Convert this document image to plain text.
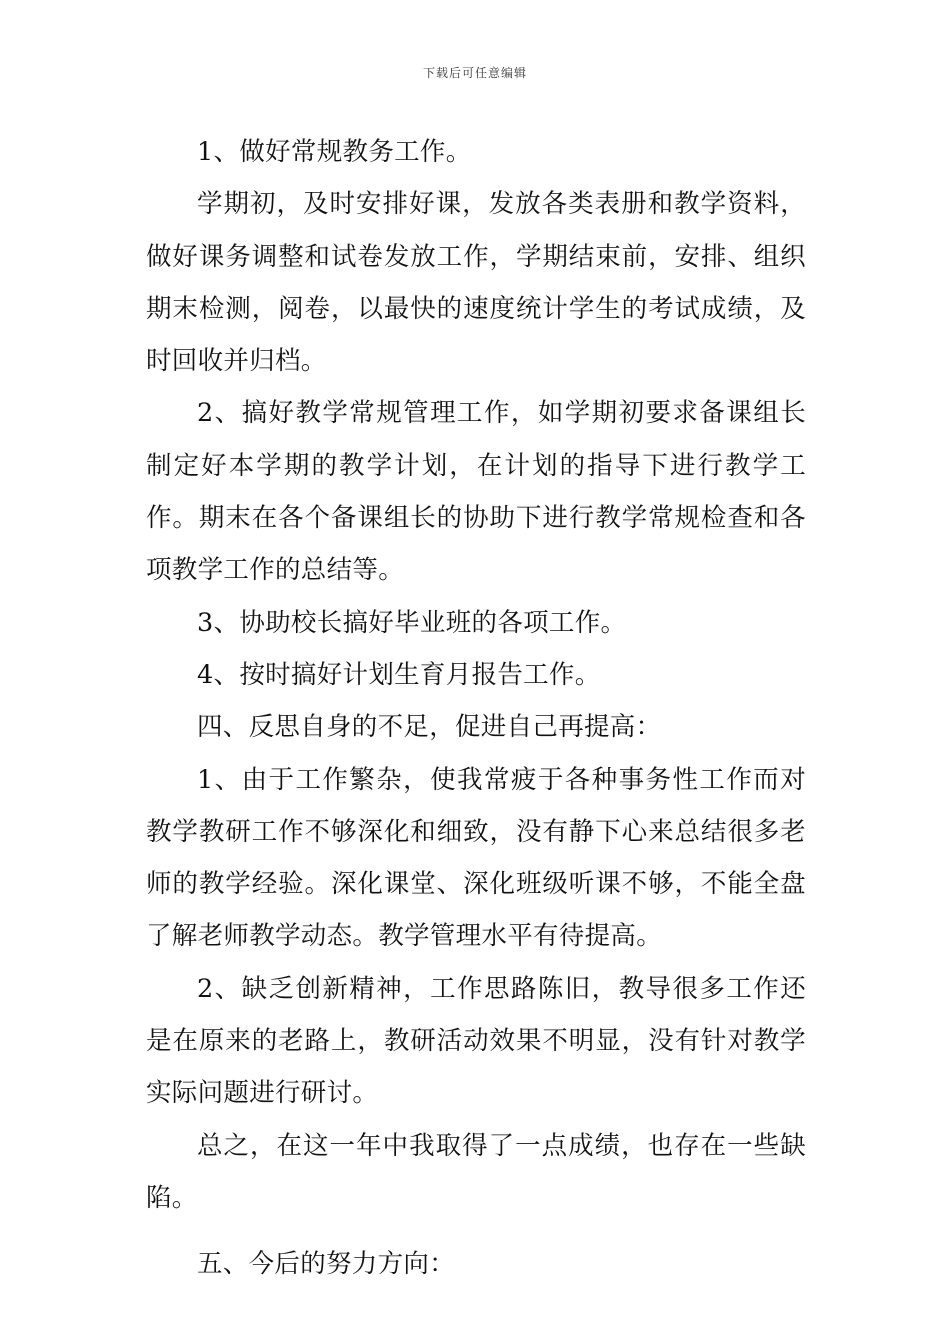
下载后可任意编辑

1、做好常规教务工作。

学期初，及时安排好课，发放各类表册和教学资料，做好课务调整和试卷发放工作，学期结束前，安排、组织期末检测，阅卷，以最快的速度统计学生的考试成绩，及时回收并归档。

2、搞好教学常规管理工作，如学期初要求备课组长制定好本学期的教学计划，在计划的指导下进行教学工作。期末在各个备课组长的协助下进行教学常规检查和各项教学工作的总结等。

3、协助校长搞好毕业班的各项工作。

4、按时搞好计划生育月报告工作。

四、反思自身的不足，促进自己再提高：

1、由于工作繁杂，使我常疲于各种事务性工作而对教学教研工作不够深化和细致，没有静下心来总结很多老师的教学经验。深化课堂、深化班级听课不够，不能全盘了解老师教学动态。教学管理水平有待提高。

2、缺乏创新精神，工作思路陈旧，教导很多工作还是在原来的老路上，教研活动效果不明显，没有针对教学实际问题进行研讨。

总之，在这一年中我取得了一点成绩，也存在一些缺陷。

五、今后的努力方向：
